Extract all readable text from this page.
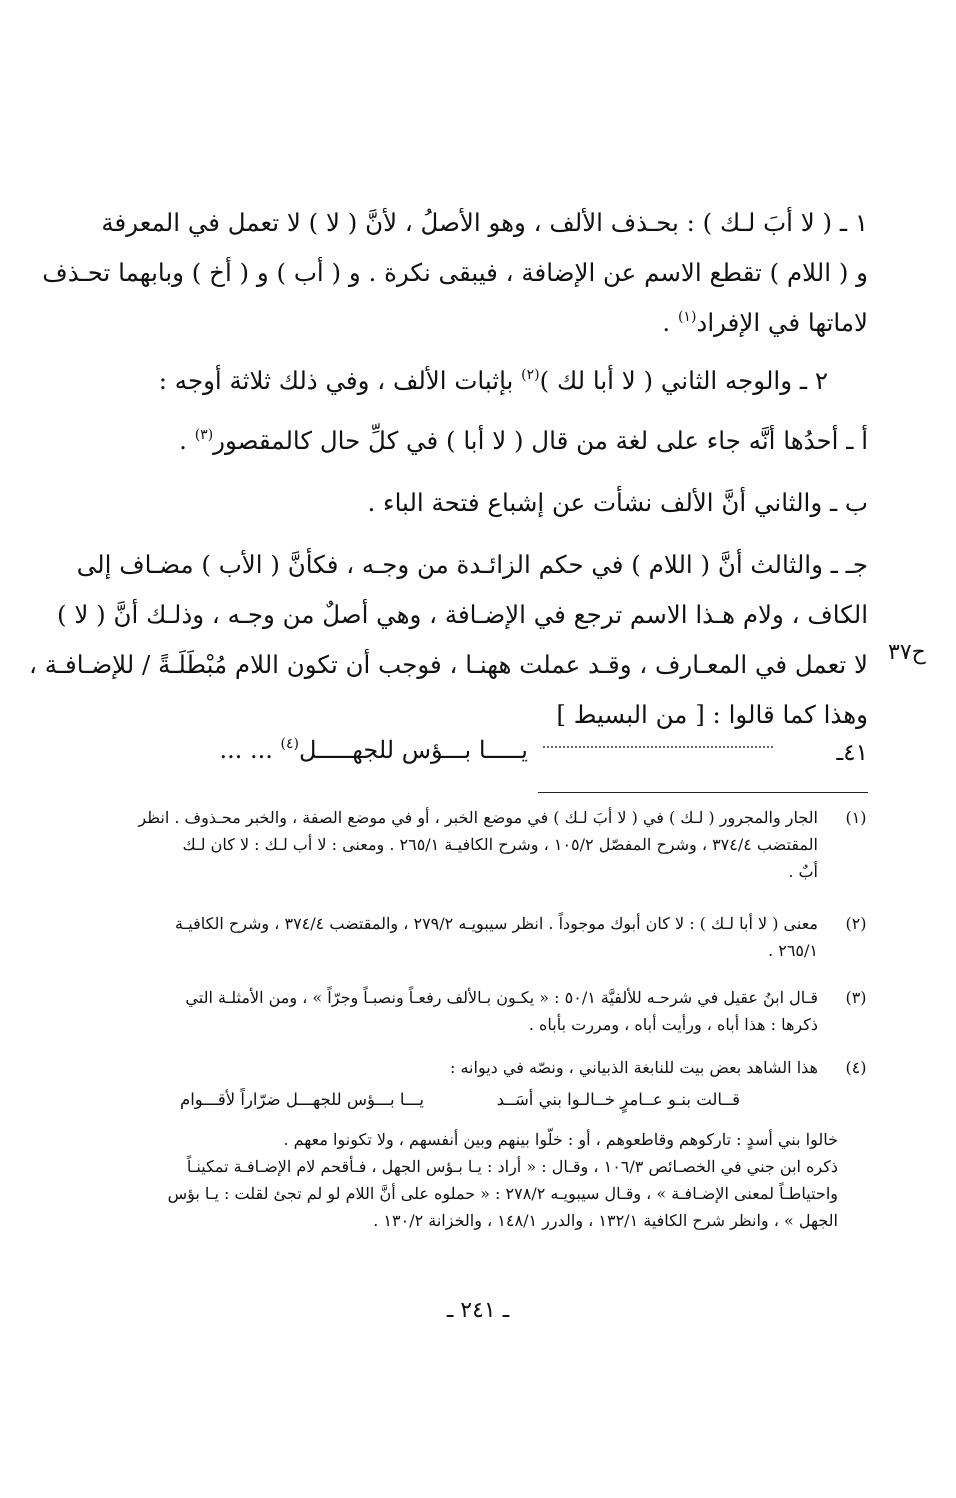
١ ـ ( لا أبَ لـك ) : بحـذف الألف ، وهو الأصلُ ، لأنَّ ( لا ) لا تعمل في المعرفة
و ( اللام ) تقطع الاسم عن الإضافة ، فيبقى نكرة . و ( أب ) و ( أخ ) وبابهما تحـذف
لاماتها في الإفراد$^{(١)}$ .
٢ ـ والوجه الثاني ( لا أبا لك )$^{(٢)}$ بإثبات الألف ، وفي ذلك ثلاثة أوجه :
أ ـ أحدُها أنَّه جاء على لغة من قال ( لا أبا ) في كلِّ حال كالمقصور$^{(٣)}$ .
ب ـ والثاني أنَّ الألف نشأت عن إشباع فتحة الباء .
جـ ـ والثالث أنَّ ( اللام ) في حكم الزائـدة من وجـه ، فكأنَّ ( الأب ) مضـاف إلى
الكاف ، ولام هـذا الاسم ترجع في الإضـافة ، وهي أصلٌ من وجـه ، وذلـك أنَّ ( لا )
لا تعمل في المعـارف ، وقـد عملت ههنـا ، فوجب أن تكون اللام مُبْطَلَـةً / للإضـافـة ،
وهذا كما قالوا : [ من البسيط ]
ح٣٧
٤١ـ
يـــــا بـــؤس للجهـــــل$^{(٤)}$ ... ...
(١)
الجار والمجرور ( لـك ) في ( لا أبَ لـك ) في موضع الخبر ، أو في موضع الصفة ، والخبر محـذوف . انظر
المقتضب ٣٧٤/٤ ، وشرح المفصّل ١٠٥/٢ ، وشرح الكافيـة ٢٦٥/١ . ومعنى : لا أب لـك : لا كان لـك
أبٌ .
(٢)
معنى ( لا أبا لـك ) : لا كان أبوك موجوداً . انظر سيبويـه ٢٧٩/٢ ، والمقتضب ٣٧٤/٤ ، وشرح الكافيـة
٢٦٥/١ .
(٣)
قـال ابنُ عقيل في شرحـه للألفيَّة ٥٠/١ : « يكـون بـالألف رفعـاً ونصبـاً وجرّاً » ، ومن الأمثلـة التي
ذكرها : هذا أباه ، ورأيت أباه ، ومررت بأباه .
(٤)
هذا الشاهد بعض بيت للنابغة الذبياني ، ونصّه في ديوانه :
قــالت بنـو عــامرٍ خــالـوا بني أسَــد
يـــا بـــؤس للجهـــل ضرّاراً لأقـــوام
خالوا بني أسدٍ : تاركوهم وقاطعوهم ، أو : خلّوا بينهم وبين أنفسهم ، ولا تكونوا معهم .
ذكره ابن جني في الخصـائص ١٠٦/٣ ، وقـال : « أراد : يـا بـؤس الجهل ، فـأقحم لام الإضـافـة تمكينـاً
واحتياطـاً لمعنى الإضـافـة » ، وقـال سيبويـه ٢٧٨/٢ : « حملوه على أنَّ اللام لو لم تجئ لقلت : يـا بؤس
الجهل » ، وانظر شرح الكافية ١٣٢/١ ، والدرر ١٤٨/١ ، والخزانة ١٣٠/٢ .
ـ ٢٤١ ـ
